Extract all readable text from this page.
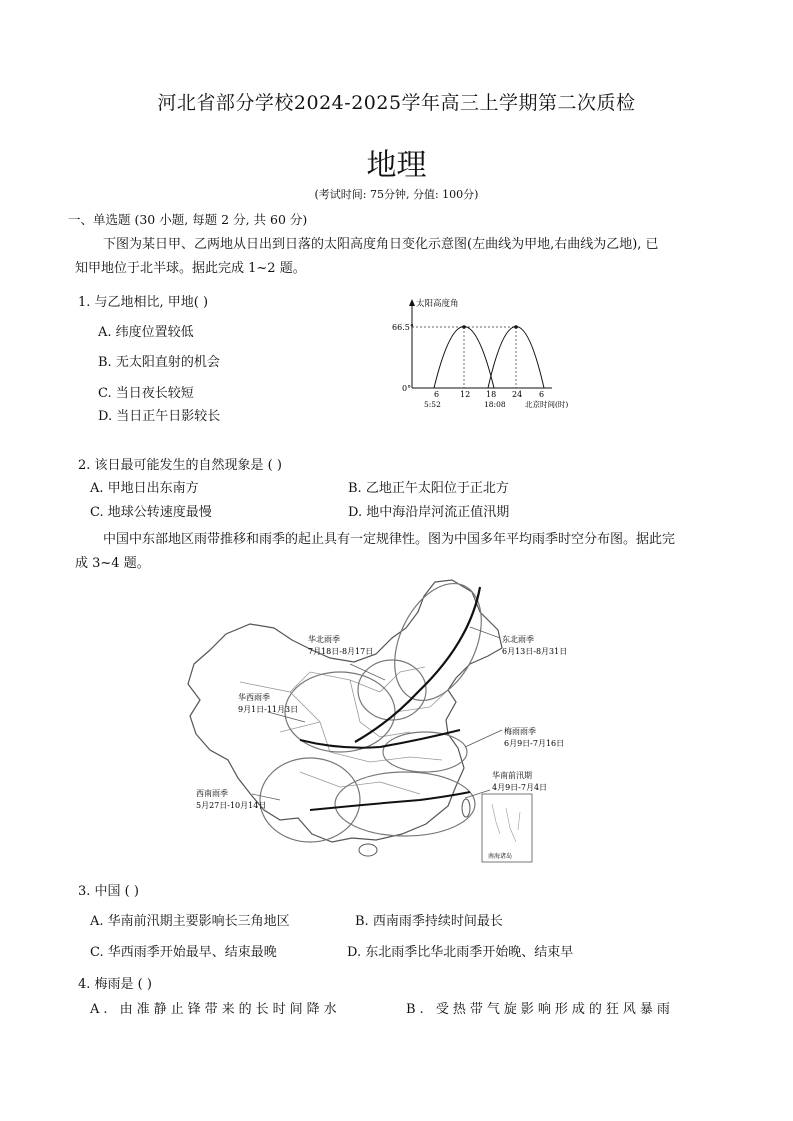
河北省部分学校2024-2025学年高三上学期第二次质检
地理
(考试时间: 75分钟, 分值: 100分)
一、单选题 (30 小题, 每题 2 分, 共 60 分)
下图为某日甲、乙两地从日出到日落的太阳高度角日变化示意图(左曲线为甲地,右曲线为乙地), 已
知甲地位于北半球。据此完成 1~2 题。
1. 与乙地相比, 甲地( )
A. 纬度位置较低
B. 无太阳直射的机会
C. 当日夜长较短
D. 当日正午日影较长
太阳高度角
66.5°
0°
6	12 18 24 6
5:52	18:08	北京时间(时)
2. 该日最可能发生的自然现象是 ( )
A. 甲地日出东南方	B. 乙地正午太阳位于正北方
C. 地球公转速度最慢	D. 地中海沿岸河流正值汛期
中国中东部地区雨带推移和雨季的起止具有一定规律性。图为中国多年平均雨季时空分布图。据此完
成 3~4 题。
南海诸岛
华北雨季
7月18日-8月17日
东北雨季
6月13日-8月31日
华西雨季
9月1日-11月3日
梅雨雨季
6月9日-7月16日
华南前汛期
4月9日-7月4日
西南雨季
5月27日-10月14日
3. 中国 ( )
A. 华南前汛期主要影响长三角地区	B. 西南雨季持续时间最长
C. 华西雨季开始最早、结束最晚	D. 东北雨季比华北雨季开始晚、结束早
4. 梅雨是 ( )
A. 由准静止锋带来的长时间降水	B. 受热带气旋影响形成的狂风暴雨
